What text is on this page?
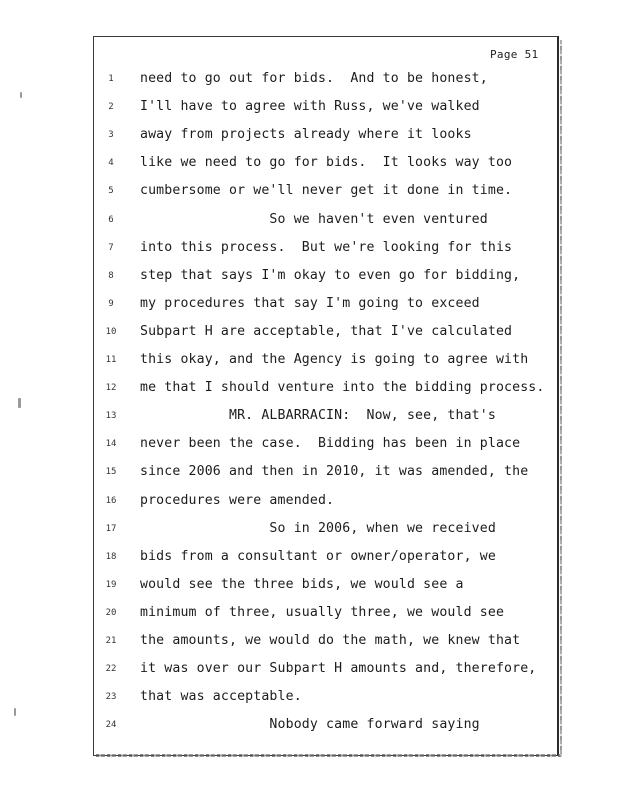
Page 51
1	need to go out for bids.  And to be honest,
2	I'll have to agree with Russ, we've walked
3	away from projects already where it looks
4	like we need to go for bids.  It looks way too
5	cumbersome or we'll never get it done in time.
6	So we haven't even ventured
7	into this process.  But we're looking for this
8	step that says I'm okay to even go for bidding,
9	my procedures that say I'm going to exceed
10	Subpart H are acceptable, that I've calculated
11	this okay, and the Agency is going to agree with
12	me that I should venture into the bidding process.
13	MR. ALBARRACIN:  Now, see, that's
14	never been the case.  Bidding has been in place
15	since 2006 and then in 2010, it was amended, the
16	procedures were amended.
17	So in 2006, when we received
18	bids from a consultant or owner/operator, we
19	would see the three bids, we would see a
20	minimum of three, usually three, we would see
21	the amounts, we would do the math, we knew that
22	it was over our Subpart H amounts and, therefore,
23	that was acceptable.
24	Nobody came forward saying
